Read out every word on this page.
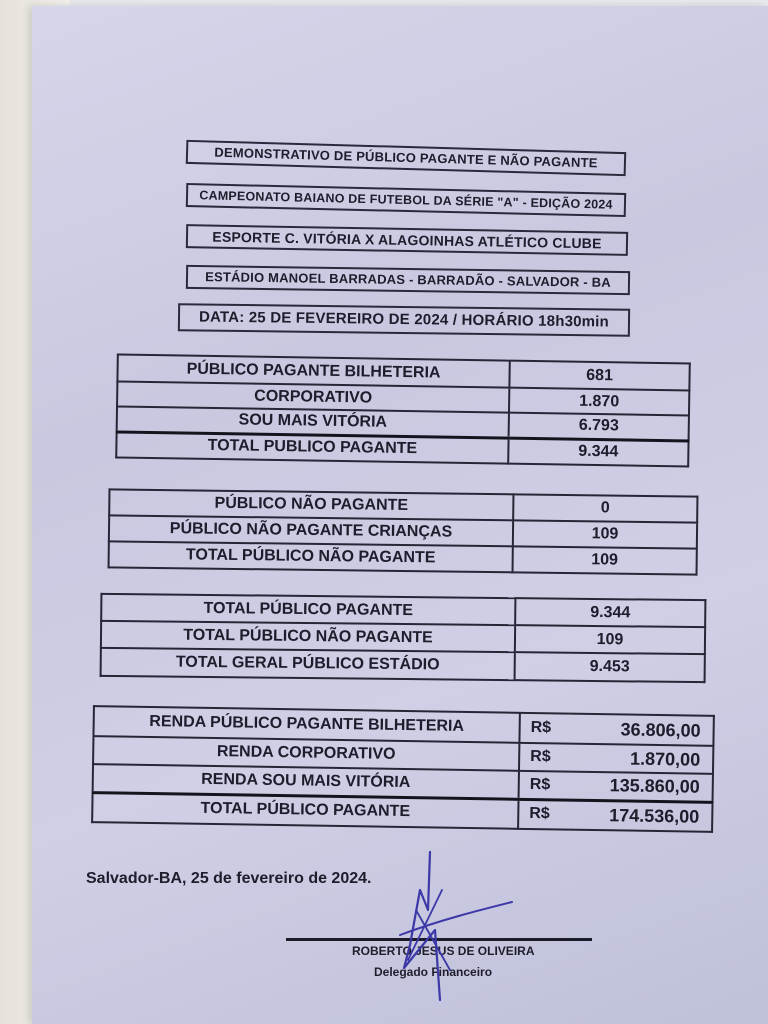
DEMONSTRATIVO DE PÚBLICO PAGANTE E NÃO PAGANTE
CAMPEONATO BAIANO DE FUTEBOL DA SÉRIE "A" - EDIÇÃO 2024
ESPORTE C. VITÓRIA X ALAGOINHAS ATLÉTICO CLUBE
ESTÁDIO MANOEL BARRADAS - BARRADÃO - SALVADOR - BA
DATA: 25 DE FEVEREIRO DE 2024 / HORÁRIO 18h30min
PÚBLICO PAGANTE BILHETERIA	681
CORPORATIVO	1.870
SOU MAIS VITÓRIA	6.793
TOTAL PUBLICO PAGANTE	9.344
PÚBLICO NÃO PAGANTE	0
PÚBLICO NÃO PAGANTE CRIANÇAS	109
TOTAL PÚBLICO NÃO PAGANTE	109
TOTAL PÚBLICO PAGANTE	9.344
TOTAL PÚBLICO NÃO PAGANTE	109
TOTAL GERAL PÚBLICO ESTÁDIO	9.453
RENDA PÚBLICO PAGANTE BILHETERIA	R$	36.806,00
RENDA CORPORATIVO	R$	1.870,00
RENDA SOU MAIS VITÓRIA	R$	135.860,00
TOTAL PÚBLICO PAGANTE	R$	174.536,00
Salvador-BA, 25 de fevereiro de 2024.
ROBERTO JESUS DE OLIVEIRA
Delegado Financeiro
